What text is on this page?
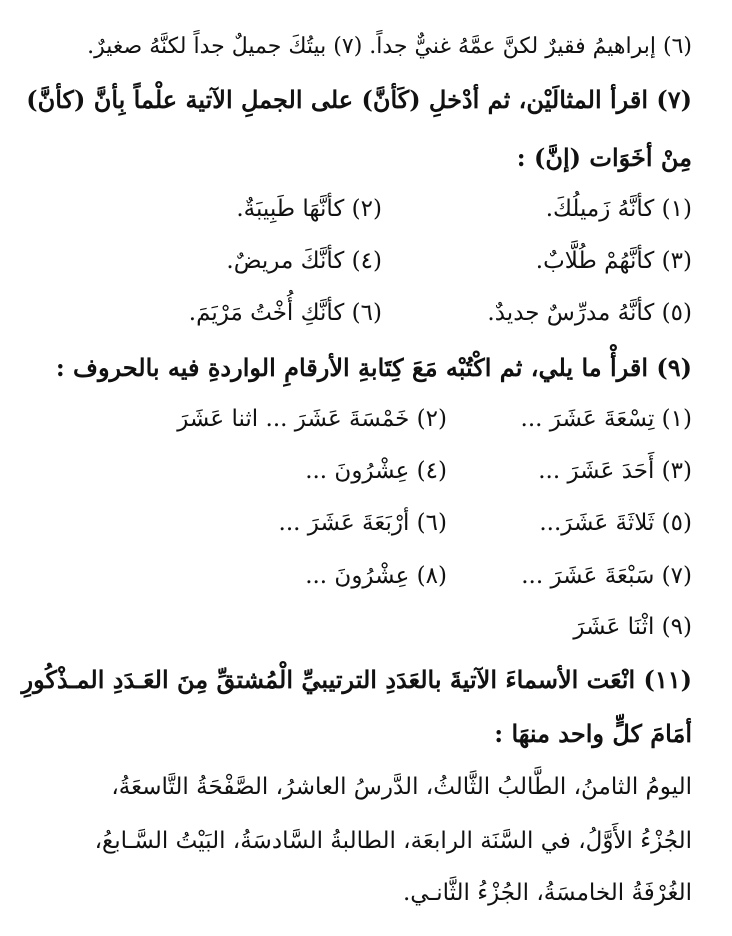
(٦) إبراهيمُ فقيرٌ لكنَّ عمَّهُ غنيٌّ جداً. (٧) بيتُكَ جميلٌ جداً لكنَّهُ صغيرٌ.
(٧) اقرأ المثالَيْن، ثم أدْخلِ (كَأنَّ) على الجملِ الآتية علْماً بِأنَّ (كأنَّ)
مِنْ أخَوَات (إنَّ) :
(١) كأنَّهُ زَميلُكَ.
(٢) كأنَّهَا طَبِيبَةٌ.
(٣) كأنَّهُمْ طُلَّابٌ.
(٤) كأنَّكَ مريضٌ.
(٥) كأنَّهُ مدرِّسٌ جديدٌ.
(٦) كأنَّكِ أُخْتُ مَرْيَمَ.
(٩) اقرأْ ما يلي، ثم اكْتُبْه مَعَ كِتَابةِ الأرقامِ الواردةِ فيه بالحروف :
(١) تِسْعَةَ عَشَرَ ...
(٢) خَمْسَةَ عَشَرَ ... اثنا عَشَرَ
(٣) أَحَدَ عَشَرَ ...
(٤) عِشْرُونَ ...
(٥) ثَلاثَةَ عَشَرَ...
(٦) أرْبَعَةَ عَشَرَ ...
(٧) سَبْعَةَ عَشَرَ ...
(٨) عِشْرُونَ ...
(٩) اثْنَا عَشَرَ
(١١) انْعَت الأسماءَ الآتيةَ بالعَدَدِ الترتيبيِّ الْمُشتقِّ مِنَ العَـدَدِ المـذْكُورِ
أمَامَ كلٍّ واحد منهَا :
اليومُ الثامنُ، الطَّالبُ الثَّالثُ، الدَّرسُ العاشرُ، الصَّفْحَةُ التَّاسعَةُ،
الجُزْءُ الأَوَّلُ، في السَّنَة الرابعَة، الطالبةُ السَّادسَةُ، البَيْتُ السَّـابعُ،
الغُرْفَةُ الخامسَةُ، الجُزْءُ الثَّانـي.
